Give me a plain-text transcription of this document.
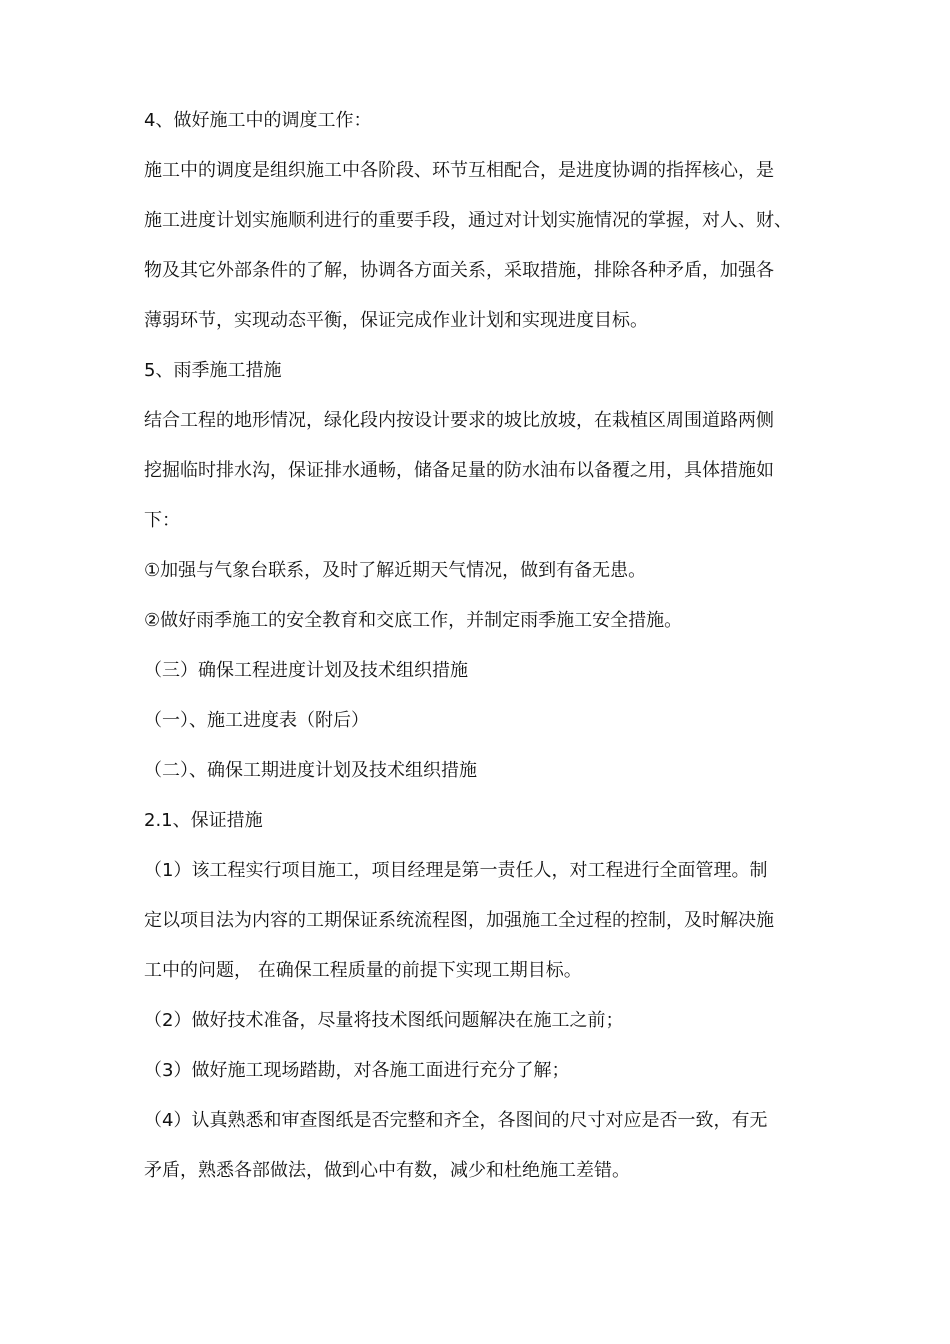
4、做好施工中的调度工作：
施工中的调度是组织施工中各阶段、环节互相配合，是进度协调的指挥核心，是
施工进度计划实施顺利进行的重要手段，通过对计划实施情况的掌握，对人、财、
物及其它外部条件的了解，协调各方面关系，采取措施，排除各种矛盾，加强各
薄弱环节，实现动态平衡，保证完成作业计划和实现进度目标。
5、雨季施工措施
结合工程的地形情况，绿化段内按设计要求的坡比放坡，在栽植区周围道路两侧
挖掘临时排水沟，保证排水通畅，储备足量的防水油布以备覆之用，具体措施如
下：
①加强与气象台联系，及时了解近期天气情况，做到有备无患。
②做好雨季施工的安全教育和交底工作，并制定雨季施工安全措施。
（三）确保工程进度计划及技术组织措施
（一）、施工进度表（附后）
（二）、确保工期进度计划及技术组织措施
2.1、保证措施
（1）该工程实行项目施工，项目经理是第一责任人，对工程进行全面管理。制
定以项目法为内容的工期保证系统流程图，加强施工全过程的控制，及时解决施
工中的问题， 在确保工程质量的前提下实现工期目标。
（2）做好技术准备，尽量将技术图纸问题解决在施工之前；
（3）做好施工现场踏勘，对各施工面进行充分了解；
（4）认真熟悉和审查图纸是否完整和齐全，各图间的尺寸对应是否一致，有无
矛盾，熟悉各部做法，做到心中有数，减少和杜绝施工差错。
